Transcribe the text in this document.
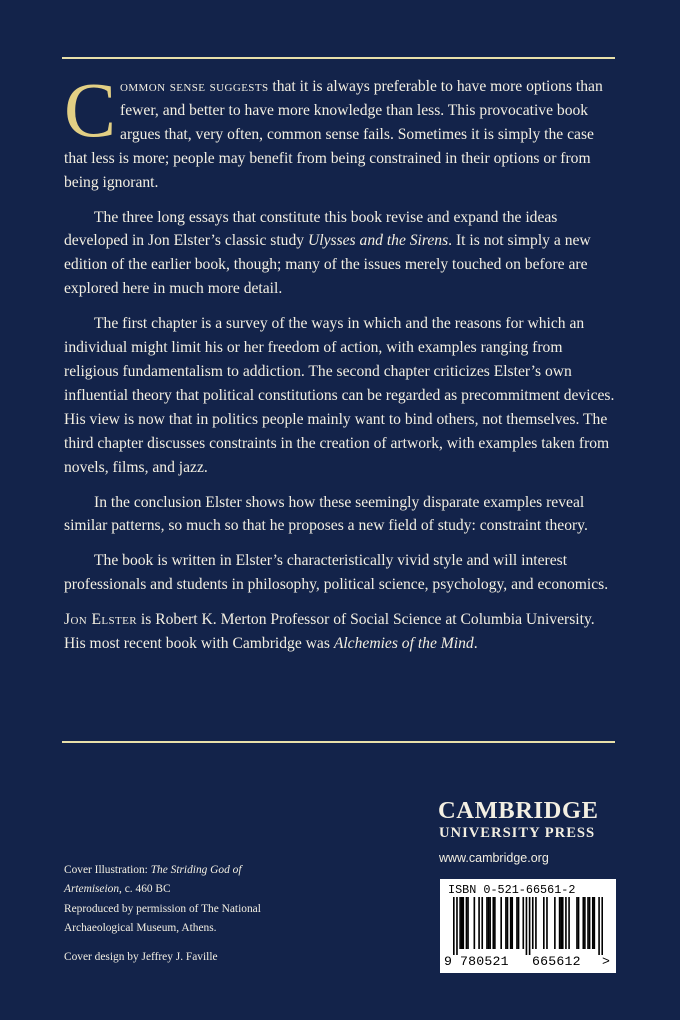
Common sense suggests that it is always preferable to have more options than fewer, and better to have more knowledge than less. This provocative book argues that, very often, common sense fails. Sometimes it is simply the case that less is more; people may benefit from being constrained in their options or from being ignorant.

The three long essays that constitute this book revise and expand the ideas developed in Jon Elster’s classic study Ulysses and the Sirens. It is not simply a new edition of the earlier book, though; many of the issues merely touched on before are explored here in much more detail.

The first chapter is a survey of the ways in which and the reasons for which an individual might limit his or her freedom of action, with examples ranging from religious fundamentalism to addiction. The second chapter criticizes Elster’s own influential theory that political constitutions can be regarded as precommitment devices. His view is now that in politics people mainly want to bind others, not themselves. The third chapter discusses constraints in the creation of artwork, with examples taken from novels, films, and jazz.

In the conclusion Elster shows how these seemingly disparate examples reveal similar patterns, so much so that he proposes a new field of study: constraint theory.

The book is written in Elster’s characteristically vivid style and will interest professionals and students in philosophy, political science, psychology, and economics.

Jon Elster is Robert K. Merton Professor of Social Science at Columbia University. His most recent book with Cambridge was Alchemies of the Mind.

Cover Illustration: The Striding God of
Artemiseion, c. 460 BC
Reproduced by permission of The National
Archaeological Museum, Athens.
Cover design by Jeffrey J. Faville
CAMBRIDGE
UNIVERSITY PRESS
www.cambridge.org
ISBN 0-521-66561-2
9 780521 665612 >
